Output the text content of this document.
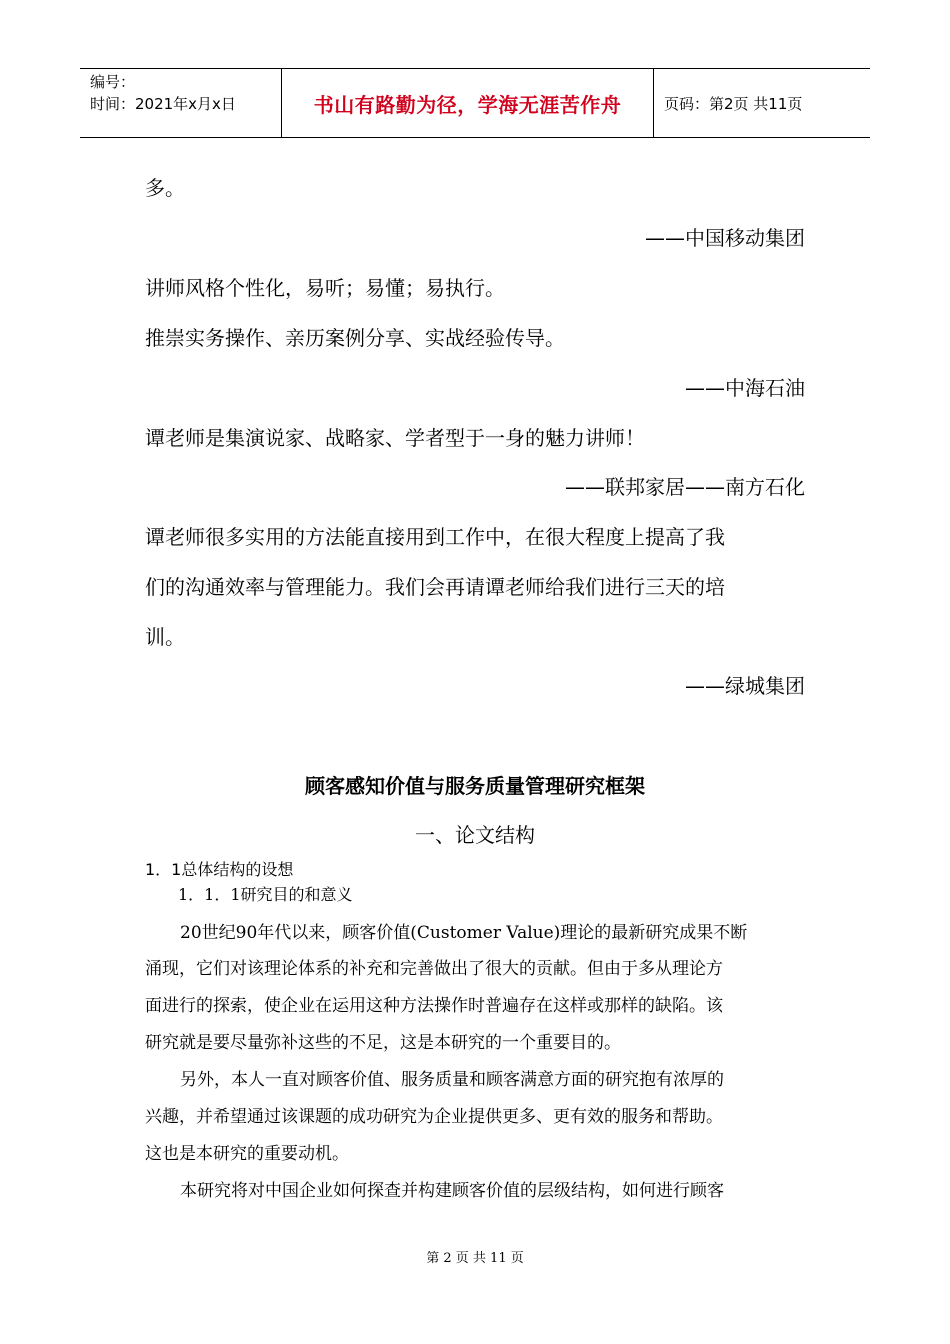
编号：
时间：2021年x月x日	书山有路勤为径，学海无涯苦作舟	页码：第2页 共11页
多。
——中国移动集团
讲师风格个性化，易听；易懂；易执行。
推崇实务操作、亲历案例分享、实战经验传导。
——中海石油
谭老师是集演说家、战略家、学者型于一身的魅力讲师！
——联邦家居——南方石化
谭老师很多实用的方法能直接用到工作中，在很大程度上提高了我
们的沟通效率与管理能力。我们会再请谭老师给我们进行三天的培
训。
——绿城集团
顾客感知价值与服务质量管理研究框架
一、论文结构
1．1总体结构的设想
1．1．1研究目的和意义
20世纪90年代以来，顾客价值(Customer Value)理论的最新研究成果不断
涌现，它们对该理论体系的补充和完善做出了很大的贡献。但由于多从理论方
面进行的探索，使企业在运用这种方法操作时普遍存在这样或那样的缺陷。该
研究就是要尽量弥补这些的不足，这是本研究的一个重要目的。
另外，本人一直对顾客价值、服务质量和顾客满意方面的研究抱有浓厚的
兴趣，并希望通过该课题的成功研究为企业提供更多、更有效的服务和帮助。
这也是本研究的重要动机。
本研究将对中国企业如何探查并构建顾客价值的层级结构，如何进行顾客
第 2 页 共 11 页
